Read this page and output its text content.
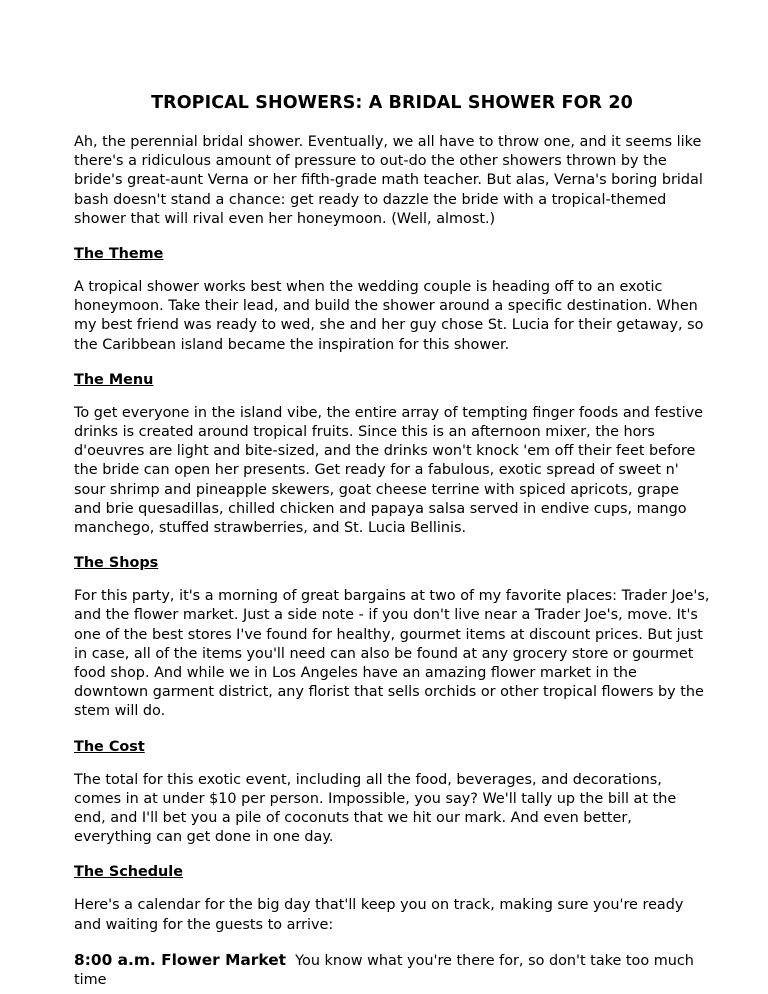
TROPICAL SHOWERS: A BRIDAL SHOWER FOR 20

Ah, the perennial bridal shower. Eventually, we all have to throw one, and it seems like there's a ridiculous amount of pressure to out-do the other showers thrown by the bride's great-aunt Verna or her fifth-grade math teacher. But alas, Verna's boring bridal bash doesn't stand a chance: get ready to dazzle the bride with a tropical-themed shower that will rival even her honeymoon. (Well, almost.)

The Theme

A tropical shower works best when the wedding couple is heading off to an exotic honeymoon. Take their lead, and build the shower around a specific destination. When my best friend was ready to wed, she and her guy chose St. Lucia for their getaway, so the Caribbean island became the inspiration for this shower.

The Menu

To get everyone in the island vibe, the entire array of tempting finger foods and festive drinks is created around tropical fruits. Since this is an afternoon mixer, the hors d'oeuvres are light and bite-sized, and the drinks won't knock 'em off their feet before the bride can open her presents. Get ready for a fabulous, exotic spread of sweet n' sour shrimp and pineapple skewers, goat cheese terrine with spiced apricots, grape and brie quesadillas, chilled chicken and papaya salsa served in endive cups, mango manchego, stuffed strawberries, and St. Lucia Bellinis.

The Shops

For this party, it's a morning of great bargains at two of my favorite places: Trader Joe's, and the flower market. Just a side note - if you don't live near a Trader Joe's, move. It's one of the best stores I've found for healthy, gourmet items at discount prices. But just in case, all of the items you'll need can also be found at any grocery store or gourmet food shop. And while we in Los Angeles have an amazing flower market in the downtown garment district, any florist that sells orchids or other tropical flowers by the stem will do.

The Cost

The total for this exotic event, including all the food, beverages, and decorations, comes in at under $10 per person. Impossible, you say? We'll tally up the bill at the end, and I'll bet you a pile of coconuts that we hit our mark. And even better, everything can get done in one day.

The Schedule

Here's a calendar for the big day that'll keep you on track, making sure you're ready and waiting for the guests to arrive:

8:00 a.m. Flower Market You know what you're there for, so don't take too much time
